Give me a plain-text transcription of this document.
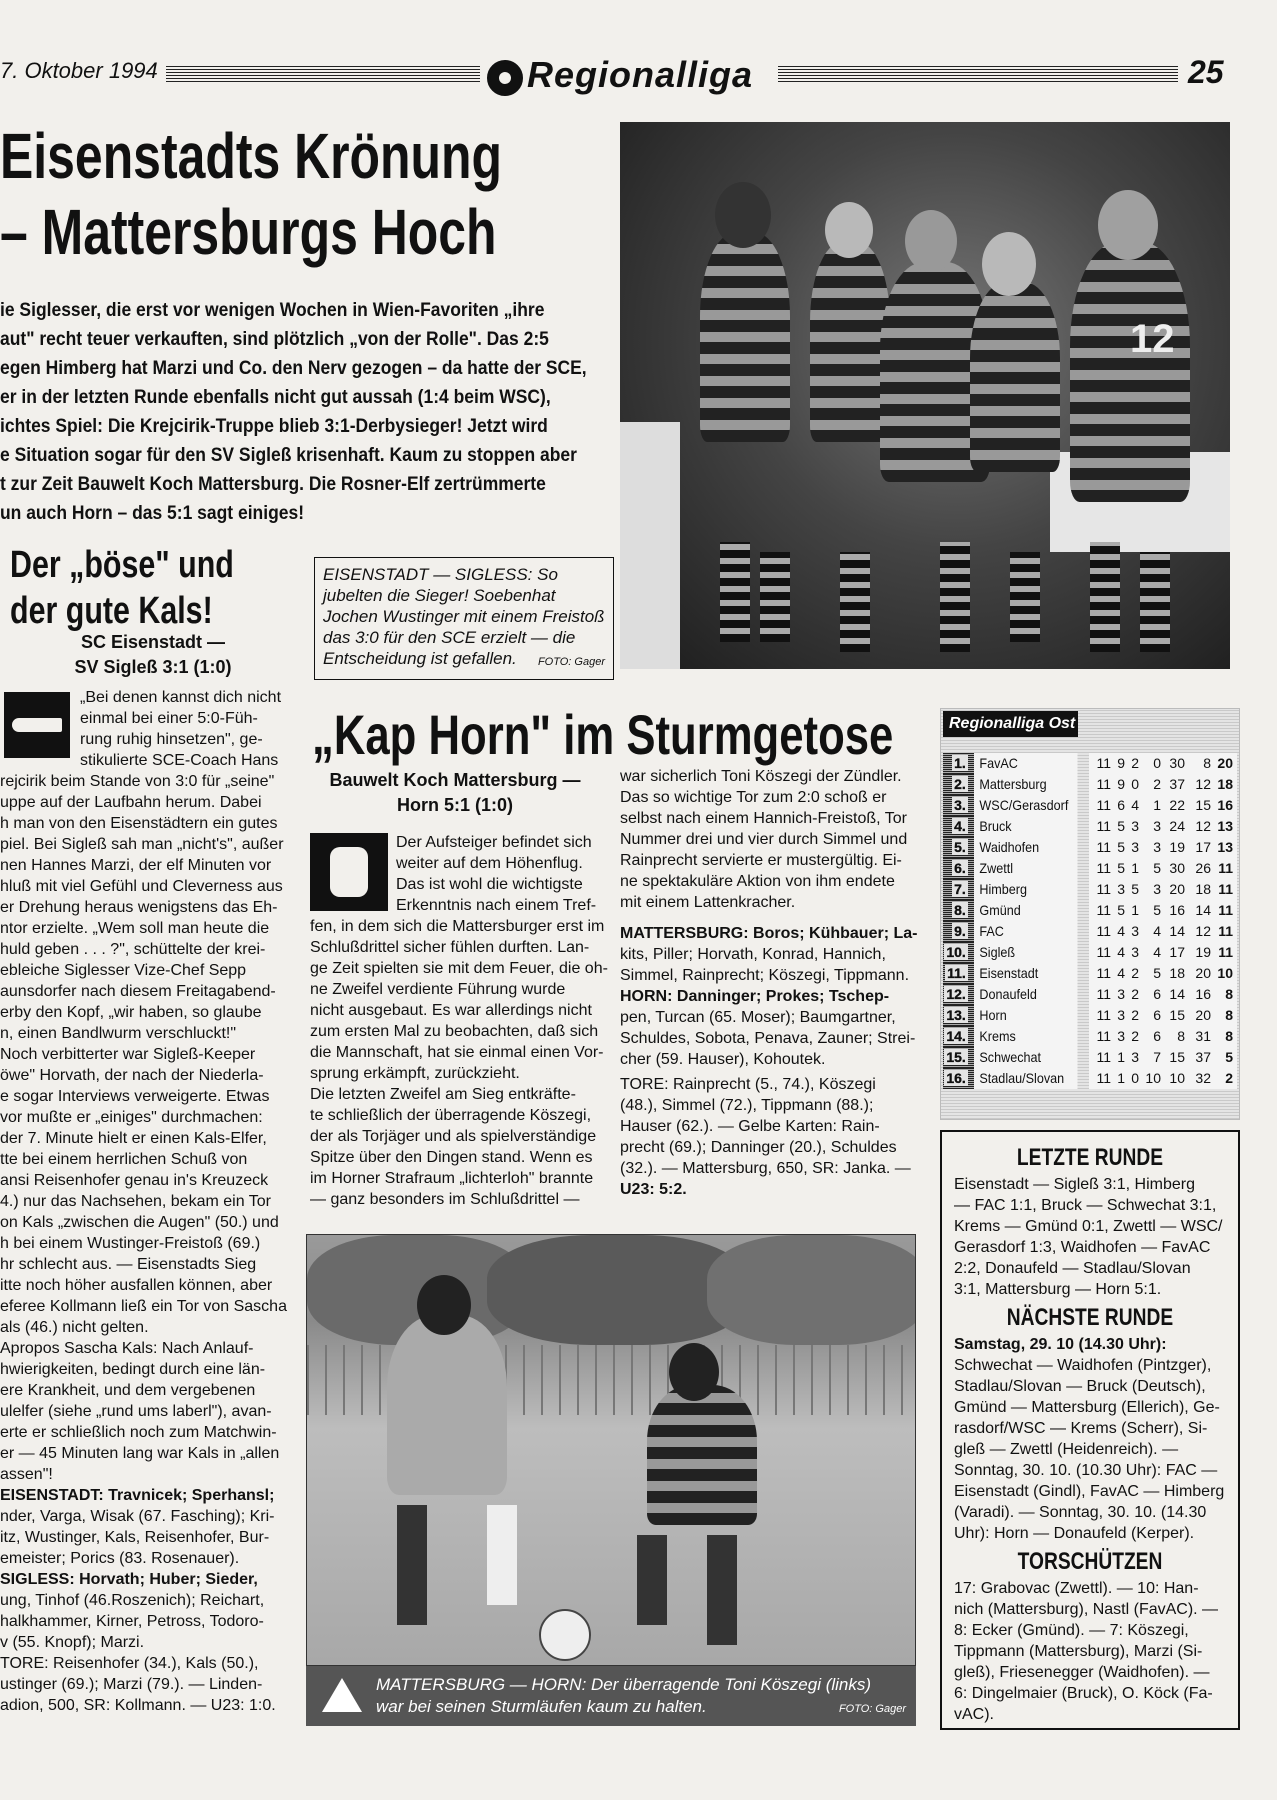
7. Oktober 1994	Regionalliga	25
Eisenstadts Krönung
– Mattersburgs Hoch

ie Siglesser, die erst vor wenigen Wochen in Wien-Favoriten „ihre

aut" recht teuer verkauften, sind plötzlich „von der Rolle". Das 2:5

egen Himberg hat Marzi und Co. den Nerv gezogen – da hatte der SCE,

er in der letzten Runde ebenfalls nicht gut aussah (1:4 beim WSC),

ichtes Spiel: Die Krejcirik-Truppe blieb 3:1-Derbysieger! Jetzt wird

e Situation sogar für den SV Sigleß krisenhaft. Kaum zu stoppen aber

t zur Zeit Bauwelt Koch Mattersburg. Die Rosner-Elf zertrümmerte

un auch Horn – das 5:1 sagt einiges!

12
EISENSTADT — SIGLESS: So jubelten die Sieger! Soebenhat Jochen Wustinger mit einem Freistoß das 3:0 für den SCE erzielt — die Entscheidung ist gefallen. FOTO: Gager
Der „böse" und
der gute Kals!
SC Eisenstadt —
SV Sigleß 3:1 (1:0)

„Bei denen kannst dich nicht

einmal bei einer 5:0-Füh-

rung ruhig hinsetzen", ge-

stikulierte SCE-Coach Hans

rejcirik beim Stande von 3:0 für „seine"

uppe auf der Laufbahn herum. Dabei

h man von den Eisenstädtern ein gutes

piel. Bei Sigleß sah man „nicht's", außer

nen Hannes Marzi, der elf Minuten vor

hluß mit viel Gefühl und Cleverness aus

er Drehung heraus wenigstens das Eh-

ntor erzielte. „Wem soll man heute die

huld geben . . . ?", schüttelte der krei-

ebleiche Siglesser Vize-Chef Sepp

aunsdorfer nach diesem Freitagabend-

erby den Kopf, „wir haben, so glaube

n, einen Bandlwurm verschluckt!"

Noch verbitterter war Sigleß-Keeper

öwe" Horvath, der nach der Niederla-

e sogar Interviews verweigerte. Etwas

vor mußte er „einiges" durchmachen:

der 7. Minute hielt er einen Kals-Elfer,

tte bei einem herrlichen Schuß von

ansi Reisenhofer genau in's Kreuzeck

4.) nur das Nachsehen, bekam ein Tor

on Kals „zwischen die Augen" (50.) und

h bei einem Wustinger-Freistoß (69.)

hr schlecht aus. — Eisenstadts Sieg

itte noch höher ausfallen können, aber

eferee Kollmann ließ ein Tor von Sascha

als (46.) nicht gelten.

Apropos Sascha Kals: Nach Anlauf-

hwierigkeiten, bedingt durch eine län-

ere Krankheit, und dem vergebenen

ulelfer (siehe „rund ums laberl"), avan-

erte er schließlich noch zum Matchwin-

er — 45 Minuten lang war Kals in „allen

assen"!

EISENSTADT: Travnicek; Sperhansl;

nder, Varga, Wisak (67. Fasching); Kri-

itz, Wustinger, Kals, Reisenhofer, Bur-

emeister; Porics (83. Rosenauer).

SIGLESS: Horvath; Huber; Sieder,

ung, Tinhof (46.Roszenich); Reichart,

halkhammer, Kirner, Petross, Todoro-

v (55. Knopf); Marzi.

TORE: Reisenhofer (34.), Kals (50.),

ustinger (69.); Marzi (79.). — Linden-

adion, 500, SR: Kollmann. — U23: 1:0.

„Kap Horn" im Sturmgetose
Bauwelt Koch Mattersburg —
Horn 5:1 (1:0)

Der Aufsteiger befindet sich

weiter auf dem Höhenflug.

Das ist wohl die wichtigste

Erkenntnis nach einem Tref-

fen, in dem sich die Mattersburger erst im

Schlußdrittel sicher fühlen durften. Lan-

ge Zeit spielten sie mit dem Feuer, die oh-

ne Zweifel verdiente Führung wurde

nicht ausgebaut. Es war allerdings nicht

zum ersten Mal zu beobachten, daß sich

die Mannschaft, hat sie einmal einen Vor-

sprung erkämpft, zurückzieht.

Die letzten Zweifel am Sieg entkräfte-

te schließlich der überragende Köszegi,

der als Torjäger und als spielverständige

Spitze über den Dingen stand. Wenn es

im Horner Strafraum „lichterloh" brannte

— ganz besonders im Schlußdrittel —

war sicherlich Toni Köszegi der Zündler.

Das so wichtige Tor zum 2:0 schoß er

selbst nach einem Hannich-Freistoß, Tor

Nummer drei und vier durch Simmel und

Rainprecht servierte er mustergültig. Ei-

ne spektakuläre Aktion von ihm endete

mit einem Lattenkracher.

MATTERSBURG: Boros; Kühbauer; La-

kits, Piller; Horvath, Konrad, Hannich,

Simmel, Rainprecht; Köszegi, Tippmann.

HORN: Danninger; Prokes; Tschep-

pen, Turcan (65. Moser); Baumgartner,

Schuldes, Sobota, Penava, Zauner; Strei-

cher (59. Hauser), Kohoutek.

TORE: Rainprecht (5., 74.), Köszegi

(48.), Simmel (72.), Tippmann (88.);

Hauser (62.). — Gelbe Karten: Rain-

precht (69.); Danninger (20.), Schuldes

(32.). — Mattersburg, 650, SR: Janka. —

U23: 5:2.

MATTERSBURG — HORN: Der überragende Toni Köszegi (links)
war bei seinen Sturmläufen kaum zu halten.	FOTO: Gager
Regionalliga Ost
1. FavAC	11 9 2	0 30	8 20
2. Mattersburg	11 9 0	2 37 12 18
3. WSC/Gerasdorf	11 6 4	1 22 15 16
4. Bruck	11 5 3	3 24 12 13
5. Waidhofen	11 5 3	3 19 17 13
6. Zwettl	11 5 1	5 30 26 11
7. Himberg	11 3 5	3 20 18 11
8. Gmünd	11 5 1	5 16 14 11
9. FAC	11 4 3	4 14 12 11
10. Sigleß	11 4 3	4 17 19 11
11. Eisenstadt	11 4 2	5 18 20 10
12. Donaufeld	11 3 2	6 14 16	8
13. Horn	11 3 2	6 15 20	8
14. Krems	11 3 2	6	8 31	8
15. Schwechat	11 1 3	7 15 37	5
16. Stadlau/Slovan	11 1 0 10 10 32	2
LETZTE RUNDE

Eisenstadt — Sigleß 3:1, Himberg

— FAC 1:1, Bruck — Schwechat 3:1,

Krems — Gmünd 0:1, Zwettl — WSC/

Gerasdorf 1:3, Waidhofen — FavAC

2:2, Donaufeld — Stadlau/Slovan

3:1, Mattersburg — Horn 5:1.

NÄCHSTE RUNDE

Samstag, 29. 10 (14.30 Uhr):

Schwechat — Waidhofen (Pintzger),

Stadlau/Slovan — Bruck (Deutsch),

Gmünd — Mattersburg (Ellerich), Ge-

rasdorf/WSC — Krems (Scherr), Si-

gleß — Zwettl (Heidenreich). —

Sonntag, 30. 10. (10.30 Uhr): FAC —

Eisenstadt (Gindl), FavAC — Himberg

(Varadi). — Sonntag, 30. 10. (14.30

Uhr): Horn — Donaufeld (Kerper).

TORSCHÜTZEN

17: Grabovac (Zwettl). — 10: Han-

nich (Mattersburg), Nastl (FavAC). —

8: Ecker (Gmünd). — 7: Köszegi,

Tippmann (Mattersburg), Marzi (Si-

gleß), Friesenegger (Waidhofen). —

6: Dingelmaier (Bruck), O. Köck (Fa-

vAC).
